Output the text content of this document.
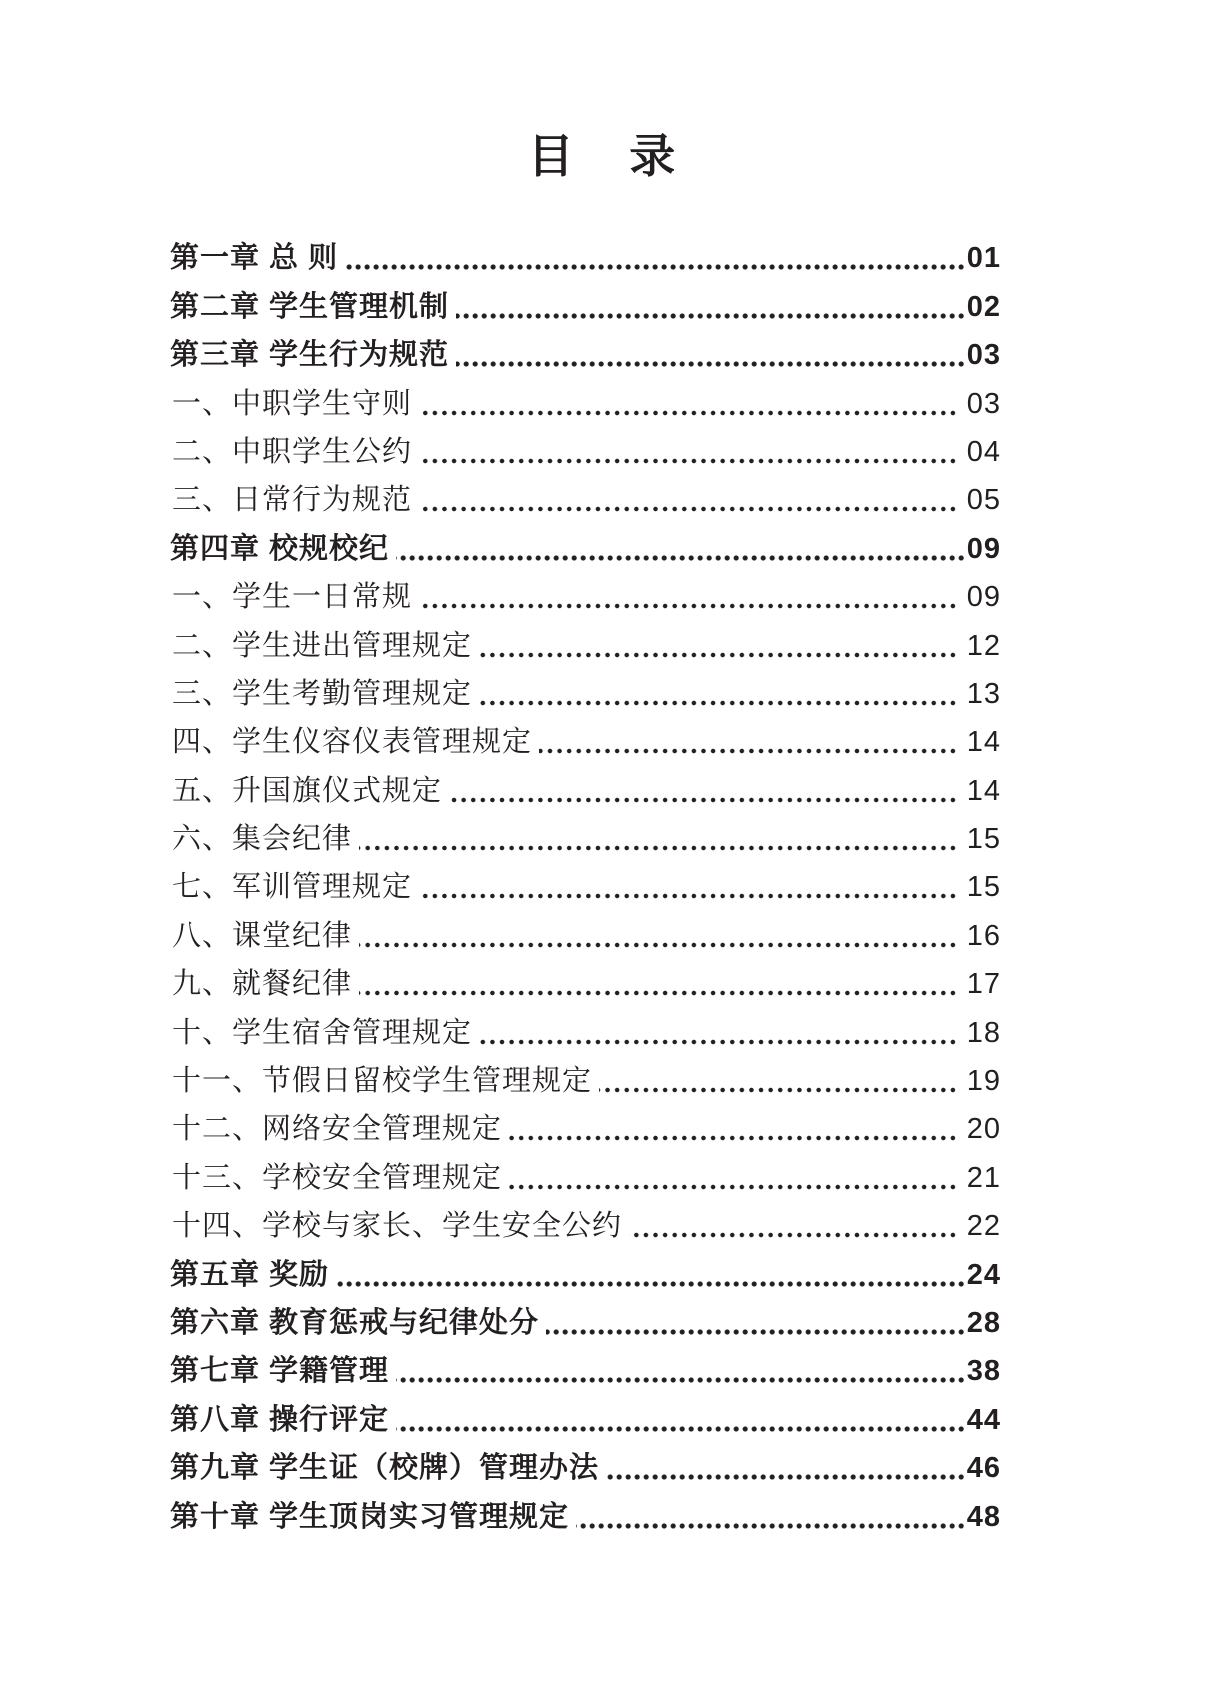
目  录
第一章 总 则	01
第二章 学生管理机制	02
第三章 学生行为规范	03
一、中职学生守则	03
二、中职学生公约	04
三、日常行为规范	05
第四章 校规校纪	09
一、学生一日常规	09
二、学生进出管理规定	12
三、学生考勤管理规定	13
四、学生仪容仪表管理规定	14
五、升国旗仪式规定	14
六、集会纪律	15
七、军训管理规定	15
八、课堂纪律	16
九、就餐纪律	17
十、学生宿舍管理规定	18
十一、节假日留校学生管理规定	19
十二、网络安全管理规定	20
十三、学校安全管理规定	21
十四、学校与家长、学生安全公约	22
第五章 奖励	24
第六章 教育惩戒与纪律处分	28
第七章 学籍管理	38
第八章 操行评定	44
第九章 学生证（校牌）管理办法	46
第十章 学生顶岗实习管理规定	48
